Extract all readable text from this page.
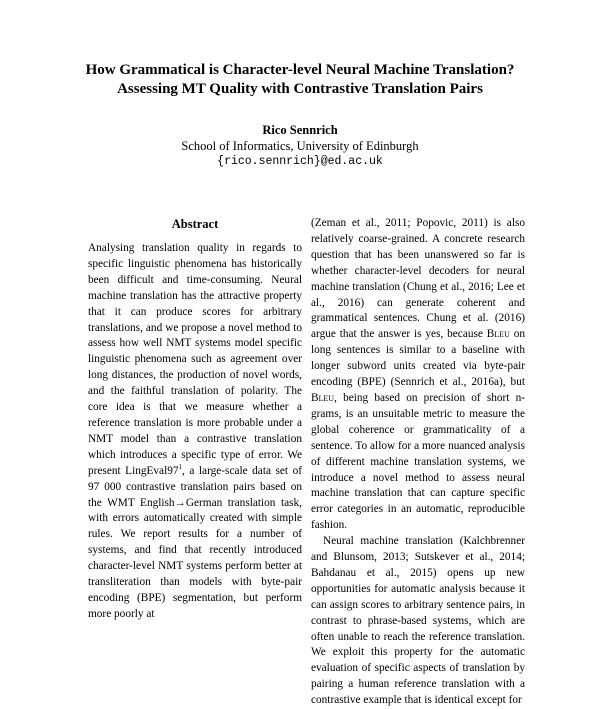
How Grammatical is Character-level Neural Machine Translation?
Assessing MT Quality with Contrastive Translation Pairs
Rico Sennrich
School of Informatics, University of Edinburgh
{rico.sennrich}@ed.ac.uk
Abstract

Analysing translation quality in regards to specific linguistic phenomena has historically been difficult and time-consuming. Neural machine translation has the attractive property that it can produce scores for arbitrary translations, and we propose a novel method to assess how well NMT systems model specific linguistic phenomena such as agreement over long distances, the production of novel words, and the faithful translation of polarity. The core idea is that we measure whether a reference translation is more probable under a NMT model than a contrastive translation which introduces a specific type of error. We present $LingEval97^1$, a large-scale data set of 97 000 contrastive translation pairs based on the WMT English→German translation task, with errors automatically created with simple rules. We report results for a number of systems, and find that recently introduced character-level NMT systems perform better at transliteration than models with byte-pair encoding (BPE) segmentation, but perform more poorly at

(Zeman et al., 2011; Popovic, 2011) is also relatively coarse-grained. A concrete research question that has been unanswered so far is whether character-level decoders for neural machine translation (Chung et al., 2016; Lee et al., 2016) can generate coherent and grammatical sentences. Chung et al. (2016) argue that the answer is yes, because Bleu on long sentences is similar to a baseline with longer subword units created via byte-pair encoding (BPE) (Sennrich et al., 2016a), but Bleu, being based on precision of short n-grams, is an unsuitable metric to measure the global coherence or grammaticality of a sentence. To allow for a more nuanced analysis of different machine translation systems, we introduce a novel method to assess neural machine translation that can capture specific error categories in an automatic, reproducible fashion.

Neural machine translation (Kalchbrenner and Blunsom, 2013; Sutskever et al., 2014; Bahdanau et al., 2015) opens up new opportunities for automatic analysis because it can assign scores to arbitrary sentence pairs, in contrast to phrase-based systems, which are often unable to reach the reference translation. We exploit this property for the automatic evaluation of specific aspects of translation by pairing a human reference translation with a contrastive example that is identical except for
